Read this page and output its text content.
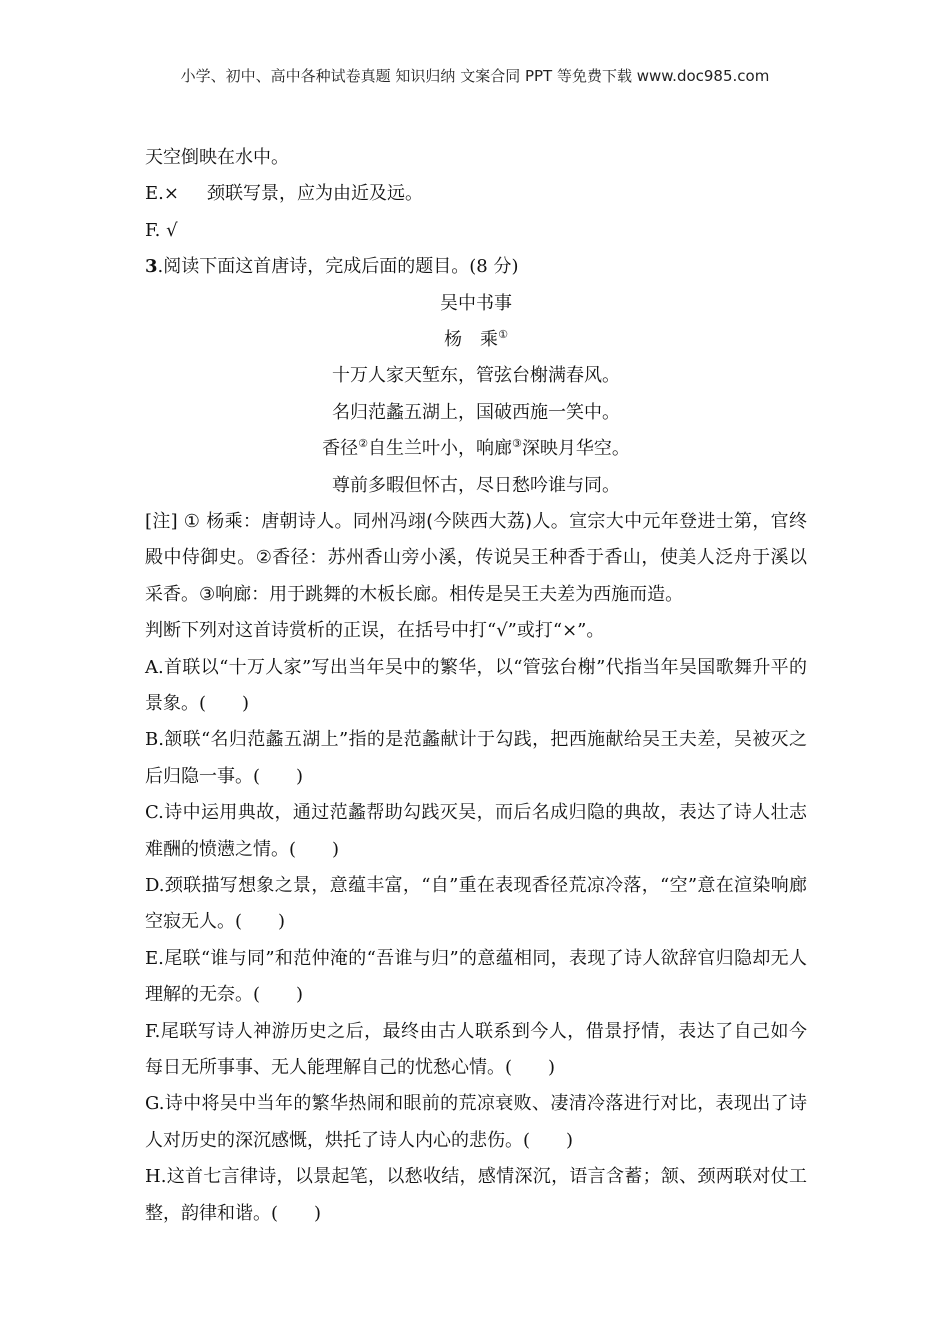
小学、初中、高中各种试卷真题 知识归纳 文案合同 PPT 等免费下载 www.doc985.com
天空倒映在水中。
E.× 颈联写景，应为由近及远。
F. √
3.阅读下面这首唐诗，完成后面的题目。(8 分)
吴中书事
杨　乘①
十万人家天堑东，管弦台榭满春风。
名归范蠡五湖上，国破西施一笑中。
香径②自生兰叶小，响廊③深映月华空。
尊前多暇但怀古，尽日愁吟谁与同。
[注] ① 杨乘：唐朝诗人。同州冯翊(今陕西大荔)人。宣宗大中元年登进士第，官终殿中侍御史。②香径：苏州香山旁小溪，传说吴王种香于香山，使美人泛舟于溪以采香。③响廊：用于跳舞的木板长廊。相传是吴王夫差为西施而造。
判断下列对这首诗赏析的正误，在括号中打“√”或打“×”。
A.首联以“十万人家”写出当年吴中的繁华，以“管弦台榭”代指当年吴国歌舞升平的景象。(　　)
B.颔联“名归范蠡五湖上”指的是范蠡献计于勾践，把西施献给吴王夫差，吴被灭之后归隐一事。(　　)
C.诗中运用典故，通过范蠡帮助勾践灭吴，而后名成归隐的典故，表达了诗人壮志难酬的愤懑之情。(　　)
D.颈联描写想象之景，意蕴丰富，“自”重在表现香径荒凉冷落，“空”意在渲染响廊空寂无人。(　　)
E.尾联“谁与同”和范仲淹的“吾谁与归”的意蕴相同，表现了诗人欲辞官归隐却无人理解的无奈。(　　)
F.尾联写诗人神游历史之后，最终由古人联系到今人，借景抒情，表达了自己如今每日无所事事、无人能理解自己的忧愁心情。(　　)
G.诗中将吴中当年的繁华热闹和眼前的荒凉衰败、凄清冷落进行对比，表现出了诗人对历史的深沉感慨，烘托了诗人内心的悲伤。(　　)
H.这首七言律诗，以景起笔，以愁收结，感情深沉，语言含蓄；颔、颈两联对仗工整，韵律和谐。(　　)
